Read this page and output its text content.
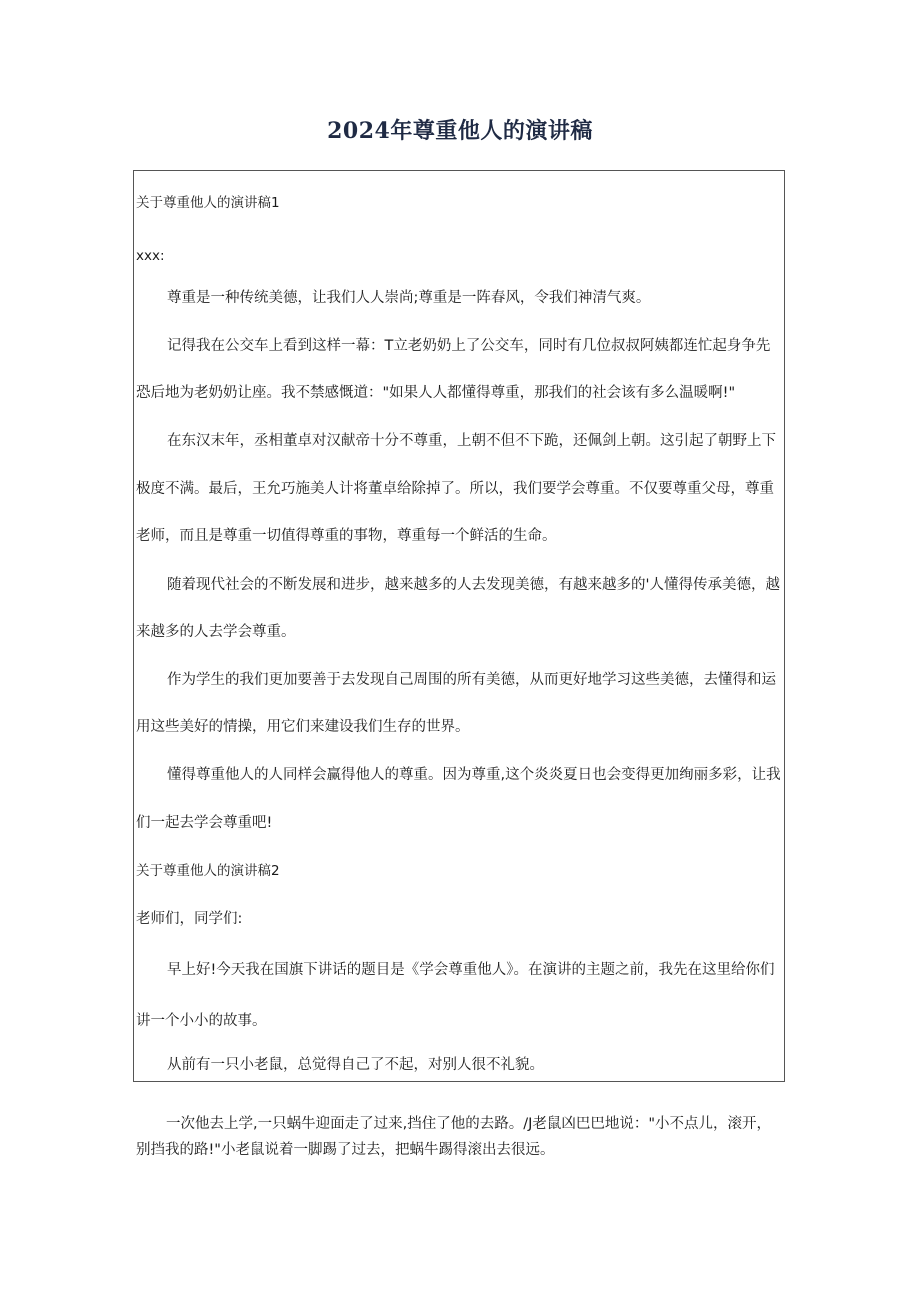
2024年尊重他人的演讲稿

关于尊重他人的演讲稿1

xxx:

尊重是一种传统美德，让我们人人崇尚;尊重是一阵春风，令我们神清气爽。

记得我在公交车上看到这样一幕：T立老奶奶上了公交车，同时有几位叔叔阿姨都连忙起身争先

恐后地为老奶奶让座。我不禁感慨道："如果人人都懂得尊重，那我们的社会该有多么温暖啊!"

在东汉末年，丞相董卓对汉献帝十分不尊重，上朝不但不下跪，还佩剑上朝。这引起了朝野上下

极度不满。最后，王允巧施美人计将董卓给除掉了。所以，我们要学会尊重。不仅要尊重父母，尊重

老师，而且是尊重一切值得尊重的事物，尊重每一个鲜活的生命。

随着现代社会的不断发展和进步，越来越多的人去发现美德，有越来越多的'人懂得传承美德，越

来越多的人去学会尊重。

作为学生的我们更加要善于去发现自己周围的所有美德，从而更好地学习这些美德，去懂得和运

用这些美好的情操，用它们来建设我们生存的世界。

懂得尊重他人的人同样会赢得他人的尊重。因为尊重,这个炎炎夏日也会变得更加绚丽多彩，让我

们一起去学会尊重吧!

关于尊重他人的演讲稿2

老师们，同学们:

早上好!今天我在国旗下讲话的题目是《学会尊重他人》。在演讲的主题之前，我先在这里给你们

讲一个小小的故事。

从前有一只小老鼠，总觉得自己了不起，对别人很不礼貌。

一次他去上学,一只蜗牛迎面走了过来,挡住了他的去路。/J老鼠凶巴巴地说："小不点儿，滚开，

别挡我的路!"小老鼠说着一脚踢了过去，把蜗牛踢得滚出去很远。
